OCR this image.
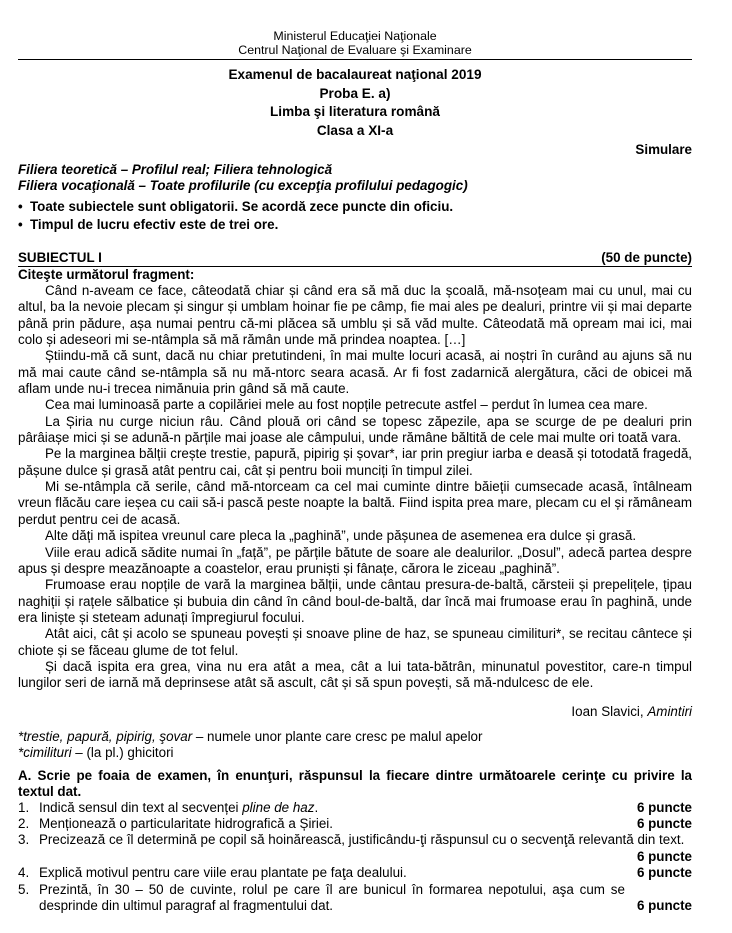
Ministerul Educaţiei Naţionale
Centrul Naţional de Evaluare şi Examinare
Examenul de bacalaureat naţional 2019
Proba E. a)
Limba şi literatura română
Clasa a XI-a
Simulare
Filiera teoretică – Profilul real; Filiera tehnologică
Filiera vocaţională – Toate profilurile (cu excepţia profilului pedagogic)
• Toate subiectele sunt obligatorii. Se acordă zece puncte din oficiu.
• Timpul de lucru efectiv este de trei ore.
SUBIECTUL I	(50 de puncte)
Citeşte următorul fragment:

Când n-aveam ce face, câteodată chiar și când era să mă duc la școală, mă-nsoțeam mai cu unul, mai cu altul, ba la nevoie plecam și singur și umblam hoinar fie pe câmp, fie mai ales pe dealuri, printre vii și mai departe până prin pădure, așa numai pentru că-mi plăcea să umblu și să văd multe. Câteodată mă opream mai ici, mai colo și adeseori mi se-ntâmpla să mă rămân unde mă prindea noaptea. […]

Știindu-mă că sunt, dacă nu chiar pretutindeni, în mai multe locuri acasă, ai noștri în curând au ajuns să nu mă mai caute când se-ntâmpla să nu mă-ntorc seara acasă. Ar fi fost zadarnică alergătura, căci de obicei mă aflam unde nu-i trecea nimănuia prin gând să mă caute.

Cea mai luminoasă parte a copilăriei mele au fost nopțile petrecute astfel – perdut în lumea cea mare.

La Șiria nu curge niciun râu. Când plouă ori când se topesc zăpezile, apa se scurge de pe dealuri prin pârâiașe mici și se adună-n părțile mai joase ale câmpului, unde rămâne băltită de cele mai multe ori toată vara.

Pe la marginea bălții crește trestie, papură, pipirig și șovar*, iar prin pregiur iarba e deasă și totodată fragedă, pășune dulce și grasă atât pentru cai, cât și pentru boii munciți în timpul zilei.

Mi se-ntâmpla că serile, când mă-ntorceam ca cel mai cuminte dintre băieții cumsecade acasă, întâlneam vreun flăcău care ieșea cu caii să-i pască peste noapte la baltă. Fiind ispita prea mare, plecam cu el și rămâneam perdut pentru cei de acasă.

Alte dăți mă ispitea vreunul care pleca la „paghină”, unde pășunea de asemenea era dulce și grasă.

Viile erau adică sădite numai în „față”, pe părțile bătute de soare ale dealurilor. „Dosul”, adecă partea despre apus și despre meazănoapte a coastelor, erau pruniști și fânațe, cărora le ziceau „paghină”.

Frumoase erau nopțile de vară la marginea bălții, unde cântau presura-de-baltă, cărsteii și prepelițele, țipau naghiții și rațele sălbatice și bubuia din când în când boul-de-baltă, dar încă mai frumoase erau în paghină, unde era liniște și steteam adunați împregiurul focului.

Atât aici, cât și acolo se spuneau povești și snoave pline de haz, se spuneau cimilituri*, se recitau cântece și chiote și se făceau glume de tot felul.

Și dacă ispita era grea, vina nu era atât a mea, cât a lui tata-bătrân, minunatul povestitor, care-n timpul lungilor seri de iarnă mă deprinsese atât să ascult, cât și să spun povești, să mă-ndulcesc de ele.

Ioan Slavici, Amintiri
*trestie, papură, pipirig, şovar – numele unor plante care cresc pe malul apelor
*cimilituri – (la pl.) ghicitori
A. Scrie pe foaia de examen, în enunţuri, răspunsul la fiecare dintre următoarele cerinţe cu privire la textul dat.
1. Indică sensul din text al secvenței pline de haz.	6 puncte
2. Menționează o particularitate hidrografică a Șiriei.	6 puncte
3. Precizează ce îl determină pe copil să hoinărească, justificându-ţi răspunsul cu o secvenţă relevantă din text.
6 puncte
4. Explică motivul pentru care viile erau plantate pe faţa dealului.	6 puncte
5. Prezintă, în 30 – 50 de cuvinte, rolul pe care îl are bunicul în formarea nepotului, aşa cum se desprinde din ultimul paragraf al fragmentului dat.	6 puncte
